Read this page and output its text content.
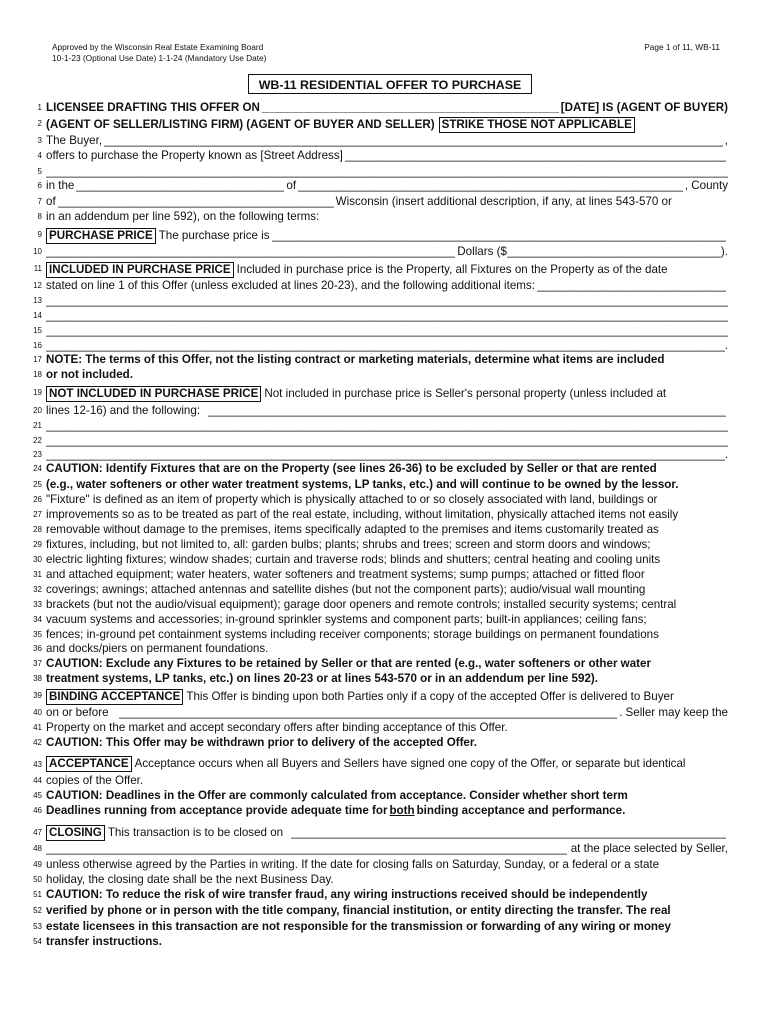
Approved by the Wisconsin Real Estate Examining Board
10-1-23 (Optional Use Date) 1-1-24 (Mandatory Use Date)
Page 1 of 11, WB-11
WB-11 RESIDENTIAL OFFER TO PURCHASE
1 LICENSEE DRAFTING THIS OFFER ON _____	[DATE] IS (AGENT OF BUYER)
2 (AGENT OF SELLER/LISTING FIRM) (AGENT OF BUYER AND SELLER) STRIKE THOSE NOT APPLICABLE
3 The Buyer, _____	,
4 offers to purchase the Property known as [Street Address]
_____
5
_____
6 in the _____	of _____	, County
7 of _____	Wisconsin (insert additional description, if any, at lines 543-570 or
8 in an addendum per line 592), on the following terms:
9 PURCHASE PRICE The purchase price is
_____
10 _____	Dollars ($ _____	).
11 INCLUDED IN PURCHASE PRICE Included in purchase price is the Property, all Fixtures on the Property as of the date
12 stated on line 1 of this Offer (unless excluded at lines 20-23), and the following additional items:
_____
13
_____
14
_____
15
_____
16 _____	.
17 NOTE: The terms of this Offer, not the listing contract or marketing materials, determine what items are included
18 or not included.
19 NOT INCLUDED IN PURCHASE PRICE Not included in purchase price is Seller's personal property (unless included at
20 lines 12-16) and the following:
_____
21
_____
22
_____
23 _____	.
24 CAUTION: Identify Fixtures that are on the Property (see lines 26-36) to be excluded by Seller or that are rented
25 (e.g., water softeners or other water treatment systems, LP tanks, etc.) and will continue to be owned by the lessor.
26 "Fixture" is defined as an item of property which is physically attached to or so closely associated with land, buildings or
27 improvements so as to be treated as part of the real estate, including, without limitation, physically attached items not easily
28 removable without damage to the premises, items specifically adapted to the premises and items customarily treated as
29 fixtures, including, but not limited to, all: garden bulbs; plants; shrubs and trees; screen and storm doors and windows;
30 electric lighting fixtures; window shades; curtain and traverse rods; blinds and shutters; central heating and cooling units
31 and attached equipment; water heaters, water softeners and treatment systems; sump pumps; attached or fitted floor
32 coverings; awnings; attached antennas and satellite dishes (but not the component parts); audio/visual wall mounting
33 brackets (but not the audio/visual equipment); garage door openers and remote controls; installed security systems; central
34 vacuum systems and accessories; in-ground sprinkler systems and component parts; built-in appliances; ceiling fans;
35 fences; in-ground pet containment systems including receiver components; storage buildings on permanent foundations
36 and docks/piers on permanent foundations.
37 CAUTION: Exclude any Fixtures to be retained by Seller or that are rented (e.g., water softeners or other water
38 treatment systems, LP tanks, etc.) on lines 20-23 or at lines 543-570 or in an addendum per line 592).
39 BINDING ACCEPTANCE This Offer is binding upon both Parties only if a copy of the accepted Offer is delivered to Buyer
40 on or before _____	. Seller may keep the
41 Property on the market and accept secondary offers after binding acceptance of this Offer.
42 CAUTION: This Offer may be withdrawn prior to delivery of the accepted Offer.
43 ACCEPTANCE Acceptance occurs when all Buyers and Sellers have signed one copy of the Offer, or separate but identical
44 copies of the Offer.
45 CAUTION: Deadlines in the Offer are commonly calculated from acceptance. Consider whether short term
46 Deadlines running from acceptance provide adequate time for both binding acceptance and performance.
47 CLOSING This transaction is to be closed on
_____
48 _____	at the place selected by Seller,
49 unless otherwise agreed by the Parties in writing. If the date for closing falls on Saturday, Sunday, or a federal or a state
50 holiday, the closing date shall be the next Business Day.
51 CAUTION: To reduce the risk of wire transfer fraud, any wiring instructions received should be independently
52 verified by phone or in person with the title company, financial institution, or entity directing the transfer. The real
53 estate licensees in this transaction are not responsible for the transmission or forwarding of any wiring or money
54 transfer instructions.
